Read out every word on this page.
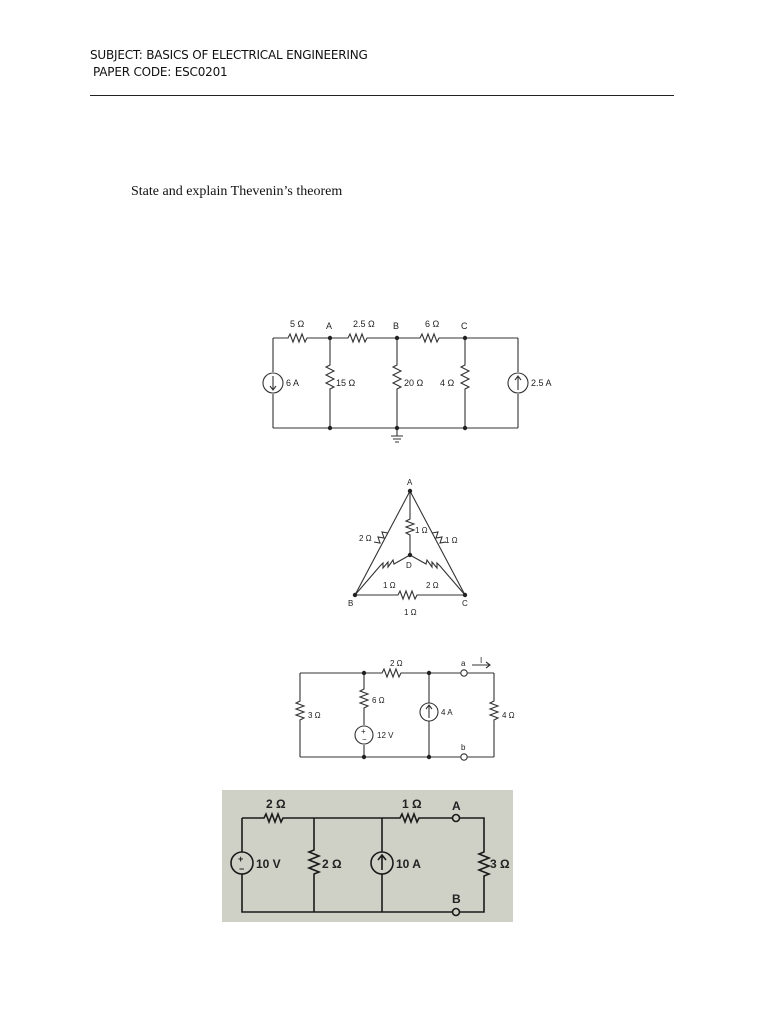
SUBJECT: BASICS OF ELECTRICAL ENGINEERING
PAPER CODE: ESC0201
State and explain Thevenin’s theorem
5 Ω A 2.5 Ω B	6 Ω C
6 A	15 Ω	20 Ω 4 Ω	2.5 A
A
2 Ω
1 Ω
1 Ω
D
1 Ω	2 Ω
B	C
1 Ω
+
−
2 Ω	a I
3 Ω
6 Ω
12 V
4 A	4 Ω
b
+
−
2 Ω	1 Ω	A
10 V	2 Ω	10 A	3 Ω
B
